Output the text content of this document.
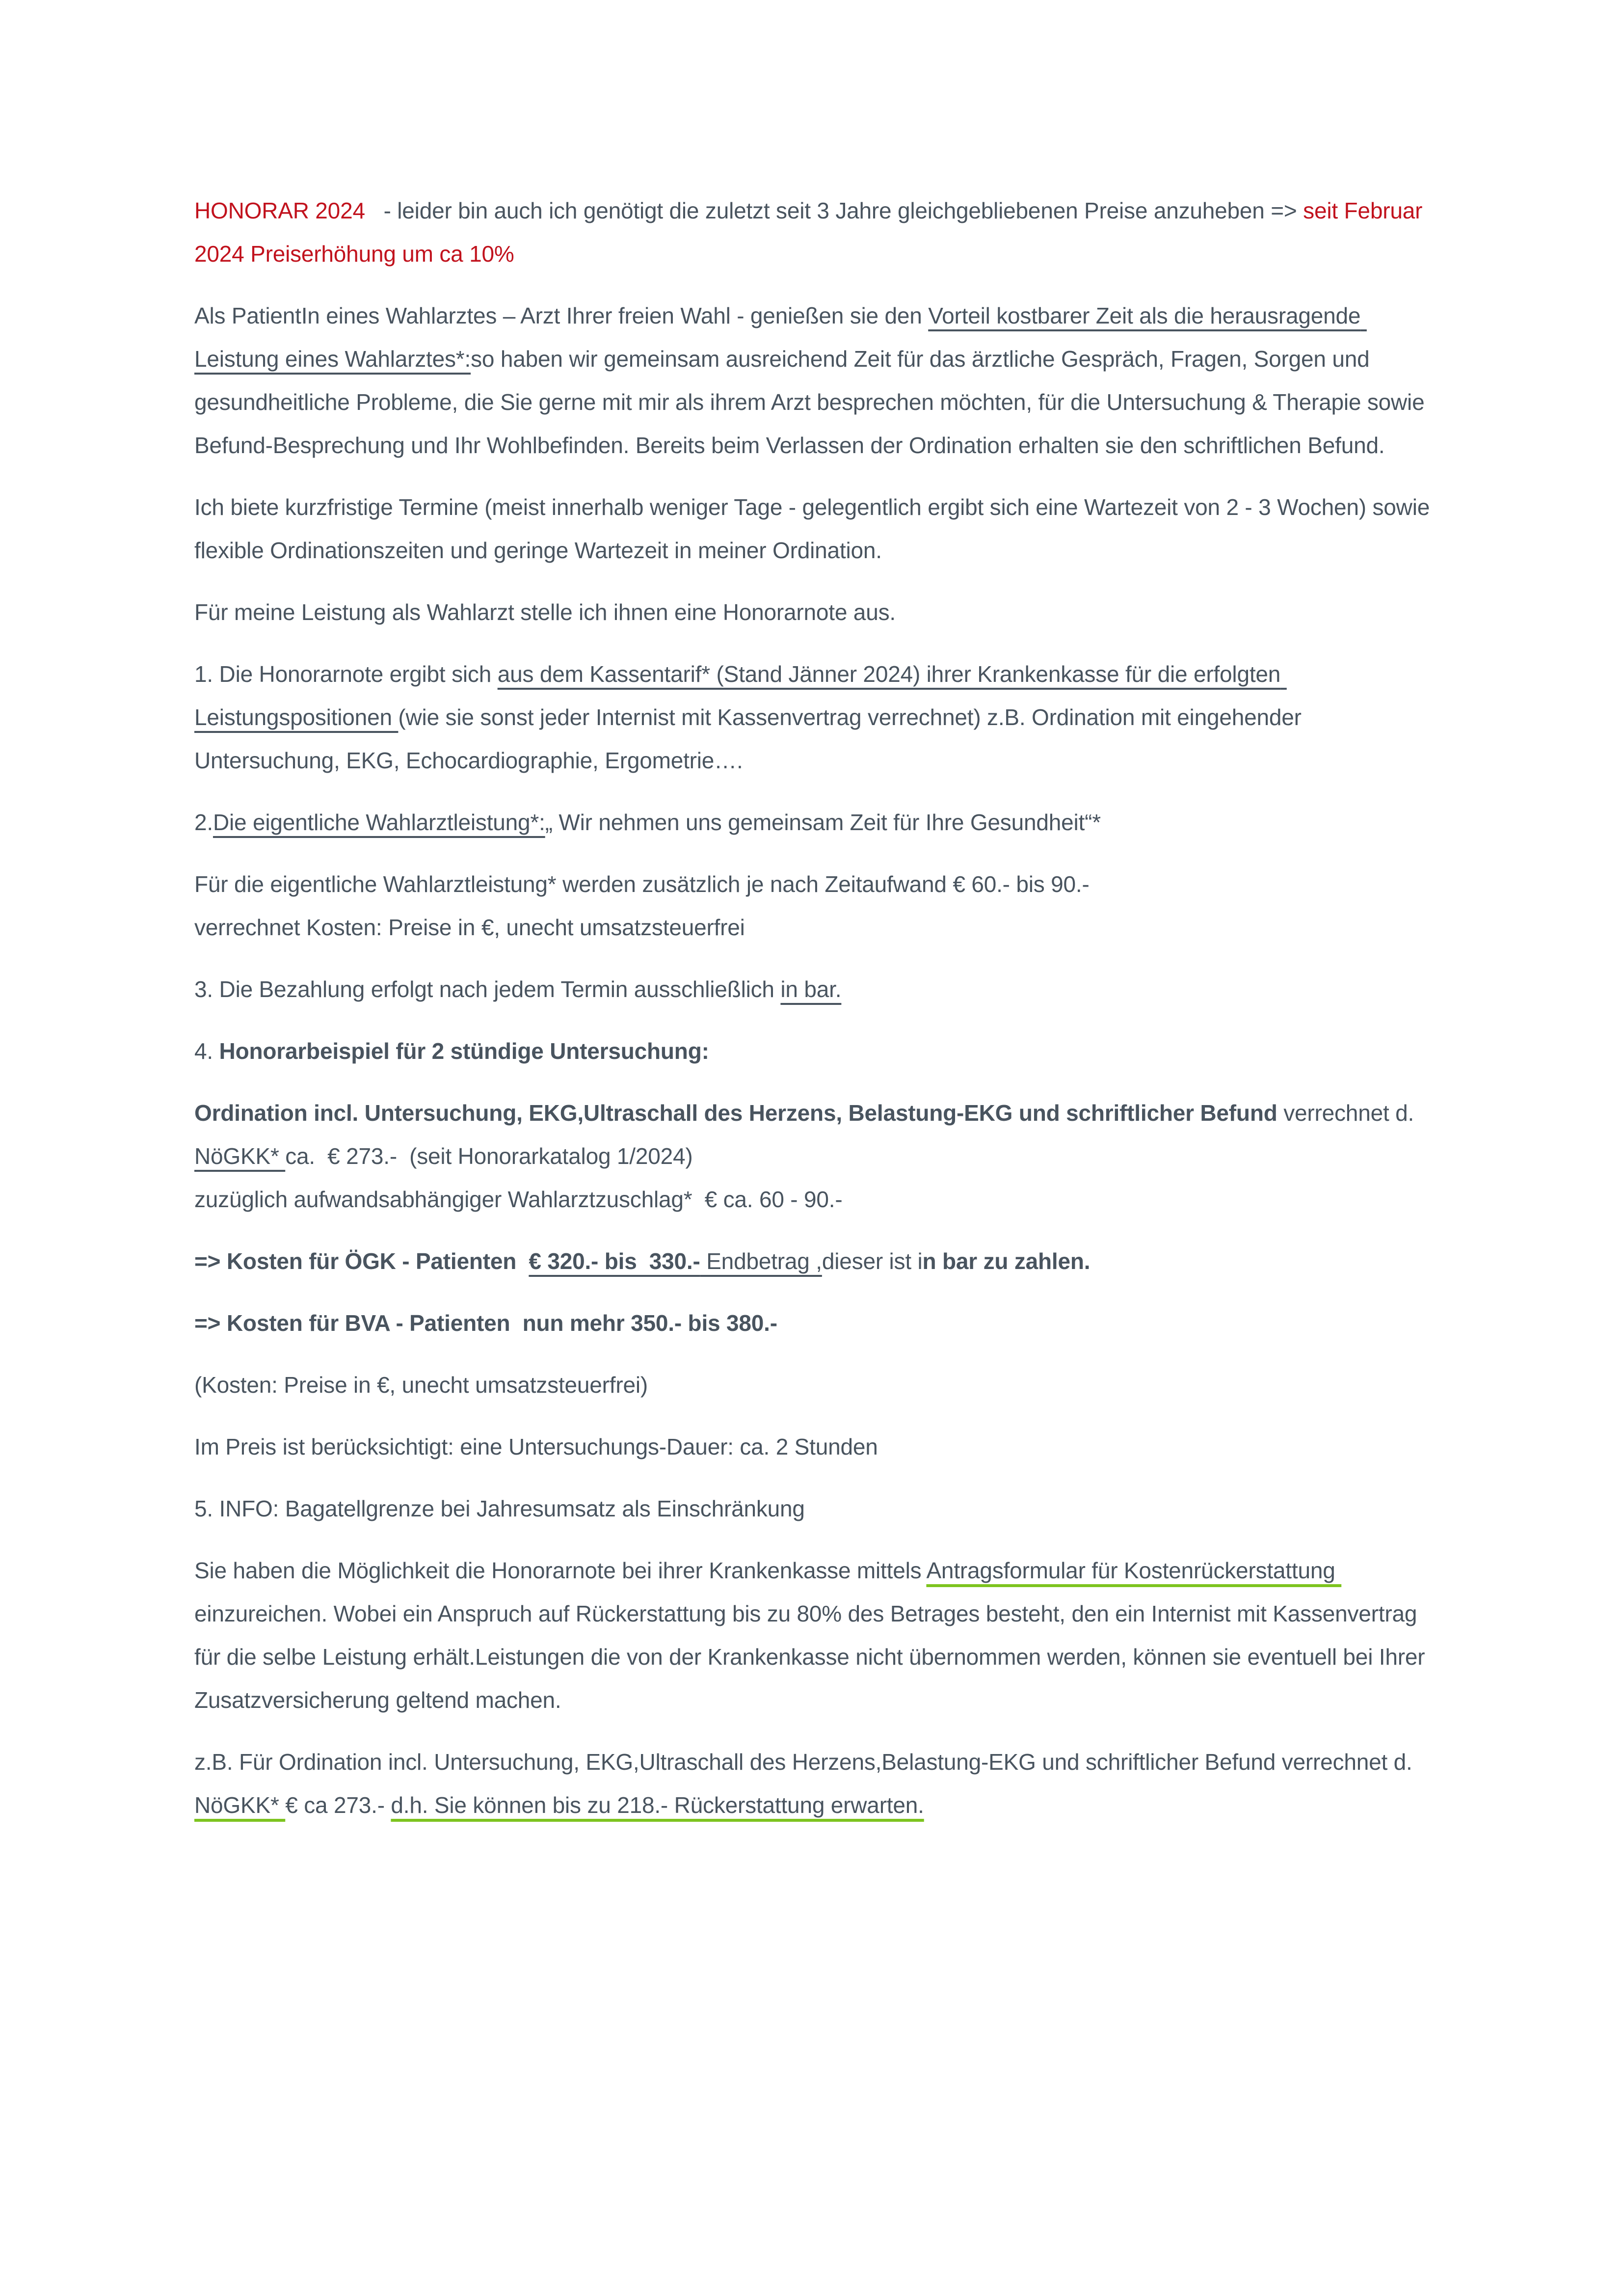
HONORAR 2024   - leider bin auch ich genötigt die zuletzt seit 3 Jahre gleichgebliebenen Preise anzuheben => seit Februar 2024 Preiserhöhung um ca 10%

Als PatientIn eines Wahlarztes – Arzt Ihrer freien Wahl - genießen sie den Vorteil kostbarer Zeit als die herausragende Leistung eines Wahlarztes*:so haben wir gemeinsam ausreichend Zeit für das ärztliche Gespräch, Fragen, Sorgen und gesundheitliche Probleme, die Sie gerne mit mir als ihrem Arzt besprechen möchten, für die Untersuchung & Therapie sowie Befund-Besprechung und Ihr Wohlbefinden. Bereits beim Verlassen der Ordination erhalten sie den schriftlichen Befund.

Ich biete kurzfristige Termine (meist innerhalb weniger Tage - gelegentlich ergibt sich eine Wartezeit von 2 - 3 Wochen) sowie flexible Ordinationszeiten und geringe Wartezeit in meiner Ordination.

Für meine Leistung als Wahlarzt stelle ich ihnen eine Honorarnote aus.

1. Die Honorarnote ergibt sich aus dem Kassentarif* (Stand Jänner 2024) ihrer Krankenkasse für die erfolgten Leistungspositionen (wie sie sonst jeder Internist mit Kassenvertrag verrechnet) z.B. Ordination mit eingehender Untersuchung, EKG, Echocardiographie, Ergometrie….

2.Die eigentliche Wahlarztleistung*:„ Wir nehmen uns gemeinsam Zeit für Ihre Gesundheit“*

Für die eigentliche Wahlarztleistung* werden zusätzlich je nach Zeitaufwand € 60.- bis 90.-
verrechnet Kosten: Preise in €, unecht umsatzsteuerfrei

3. Die Bezahlung erfolgt nach jedem Termin ausschließlich in bar.

4. Honorarbeispiel für 2 stündige Untersuchung:

Ordination incl. Untersuchung, EKG,Ultraschall des Herzens, Belastung-EKG und schriftlicher Befund verrechnet d. NöGKK* ca.  € 273.-  (seit Honorarkatalog 1/2024)
zuzüglich aufwandsabhängiger Wahlarztzuschlag*  € ca. 60 - 90.-

=> Kosten für ÖGK - Patienten  € 320.- bis  330.- Endbetrag ,dieser ist in bar zu zahlen.

=> Kosten für BVA - Patienten  nun mehr 350.- bis 380.-

(Kosten: Preise in €, unecht umsatzsteuerfrei)

Im Preis ist berücksichtigt: eine Untersuchungs-Dauer: ca. 2 Stunden

5. INFO: Bagatellgrenze bei Jahresumsatz als Einschränkung

Sie haben die Möglichkeit die Honorarnote bei ihrer Krankenkasse mittels Antragsformular für Kostenrückerstattung einzureichen. Wobei ein Anspruch auf Rückerstattung bis zu 80% des Betrages besteht, den ein Internist mit Kassenvertrag für die selbe Leistung erhält.Leistungen die von der Krankenkasse nicht übernommen werden, können sie eventuell bei Ihrer Zusatzversicherung geltend machen.

z.B. Für Ordination incl. Untersuchung, EKG,Ultraschall des Herzens,Belastung-EKG und schriftlicher Befund verrechnet d. NöGKK* € ca 273.- d.h. Sie können bis zu 218.- Rückerstattung erwarten.
